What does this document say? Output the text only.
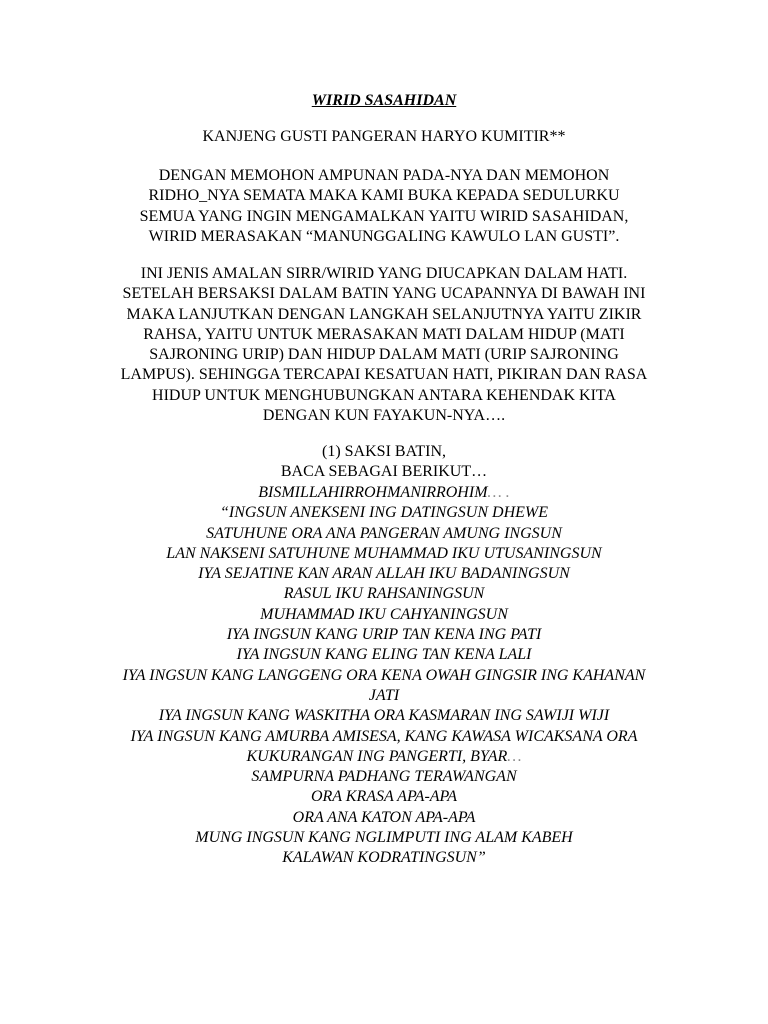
WIRID SASAHIDAN
KANJENG GUSTI PANGERAN HARYO KUMITIR**
DENGAN MEMOHON AMPUNAN PADA-NYA DAN MEMOHON
RIDHO_NYA SEMATA MAKA KAMI BUKA KEPADA SEDULURKU
SEMUA YANG INGIN MENGAMALKAN YAITU WIRID SASAHIDAN,
WIRID MERASAKAN “MANUNGGALING KAWULO LAN GUSTI”.
INI JENIS AMALAN SIRR/WIRID YANG DIUCAPKAN DALAM HATI.
SETELAH BERSAKSI DALAM BATIN YANG UCAPANNYA DI BAWAH INI
MAKA LANJUTKAN DENGAN LANGKAH SELANJUTNYA YAITU ZIKIR
RAHSA, YAITU UNTUK MERASAKAN MATI DALAM HIDUP (MATI
SAJRONING URIP) DAN HIDUP DALAM MATI (URIP SAJRONING
LAMPUS). SEHINGGA TERCAPAI KESATUAN HATI, PIKIRAN DAN RASA
HIDUP UNTUK MENGHUBUNGKAN ANTARA KEHENDAK KITA
DENGAN KUN FAYAKUN-NYA….
(1) SAKSI BATIN,
BACA SEBAGAI BERIKUT…
BISMILLAHIRROHMANIRROHIM… .
“INGSUN ANEKSENI ING DATINGSUN DHEWE
SATUHUNE ORA ANA PANGERAN AMUNG INGSUN
LAN NAKSENI SATUHUNE MUHAMMAD IKU UTUSANINGSUN
IYA SEJATINE KAN ARAN ALLAH IKU BADANINGSUN
RASUL IKU RAHSANINGSUN
MUHAMMAD IKU CAHYANINGSUN
IYA INGSUN KANG URIP TAN KENA ING PATI
IYA INGSUN KANG ELING TAN KENA LALI
IYA INGSUN KANG LANGGENG ORA KENA OWAH GINGSIR ING KAHANAN
JATI
IYA INGSUN KANG WASKITHA ORA KASMARAN ING SAWIJI WIJI
IYA INGSUN KANG AMURBA AMISESA, KANG KAWASA WICAKSANA ORA
KUKURANGAN ING PANGERTI, BYAR…
SAMPURNA PADHANG TERAWANGAN
ORA KRASA APA-APA
ORA ANA KATON APA-APA
MUNG INGSUN KANG NGLIMPUTI ING ALAM KABEH
KALAWAN KODRATINGSUN”
